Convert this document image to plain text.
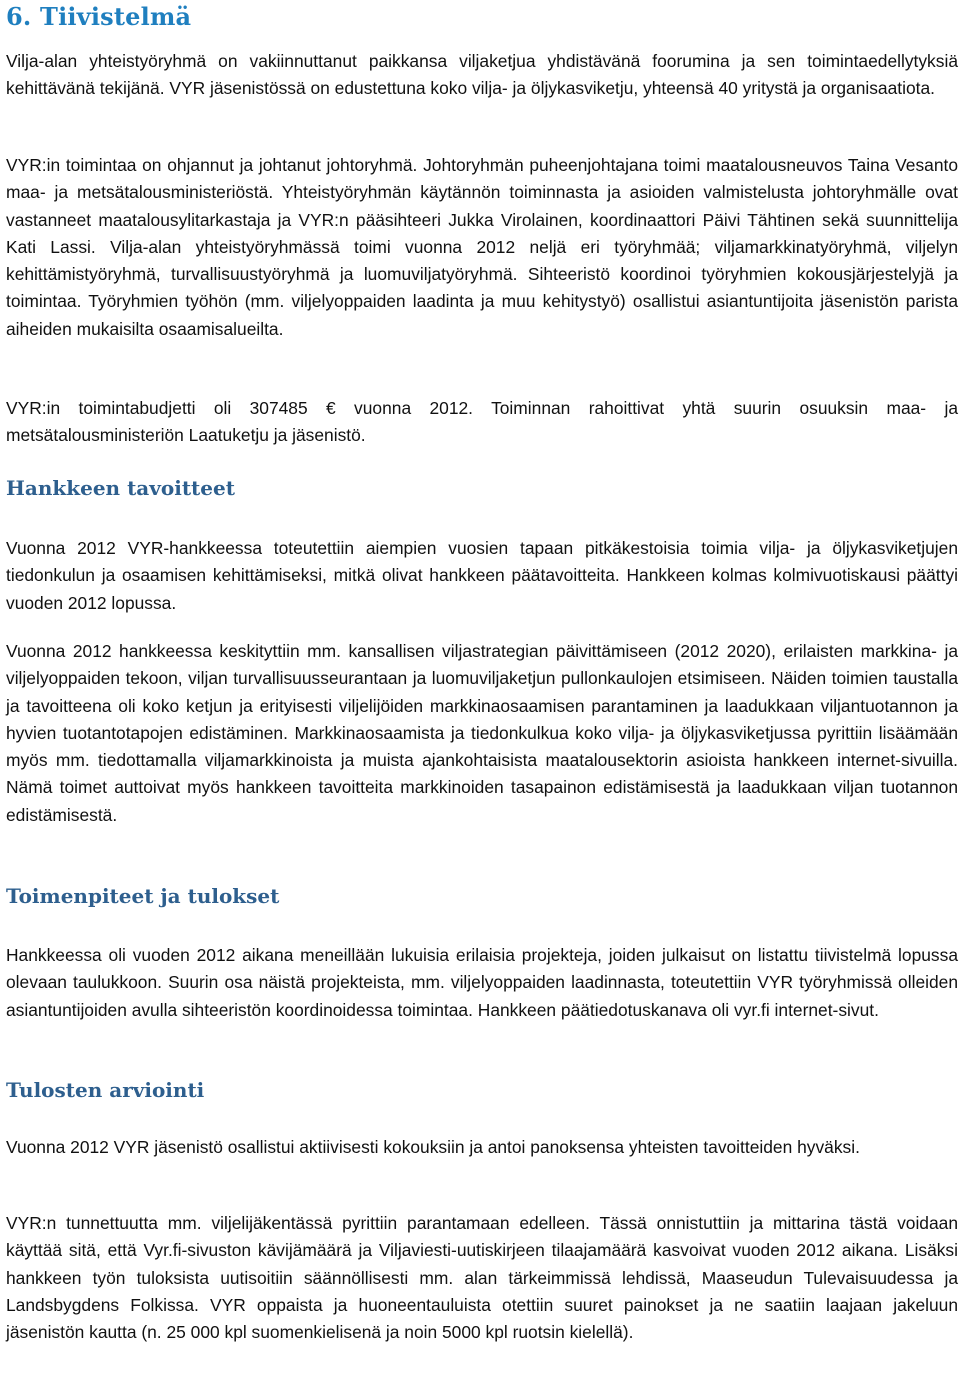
6. Tiivistelmä

Vilja-alan yhteistyöryhmä on vakiinnuttanut paikkansa viljaketjua yhdistävänä foorumina ja sen toimintaedellytyksiä kehittävänä tekijänä. VYR jäsenistössä on edustettuna koko vilja- ja öljykasviketju, yhteensä 40 yritystä ja organisaatiota.

VYR:in toimintaa on ohjannut ja johtanut johtoryhmä. Johtoryhmän puheenjohtajana toimi maatalousneuvos Taina Vesanto maa- ja metsätalousministeriöstä. Yhteistyöryhmän käytännön toiminnasta ja asioiden valmistelusta johtoryhmälle ovat vastanneet maatalousylitarkastaja ja VYR:n pääsihteeri Jukka Virolainen, koordinaattori Päivi Tähtinen sekä suunnittelija Kati Lassi. Vilja-alan yhteistyöryhmässä toimi vuonna 2012 neljä eri työryhmää; viljamarkkinatyöryhmä, viljelyn kehittämistyöryhmä, turvallisuustyöryhmä ja luomuviljatyöryhmä. Sihteeristö koordinoi työryhmien kokousjärjestelyjä ja toimintaa. Työryhmien työhön (mm. viljelyoppaiden laadinta ja muu kehitystyö) osallistui asiantuntijoita jäsenistön parista aiheiden mukaisilta osaamisalueilta.

VYR:in toimintabudjetti oli 307485 € vuonna 2012. Toiminnan rahoittivat yhtä suurin osuuksin maa- ja metsätalousministeriön Laatuketju ja jäsenistö.

Hankkeen tavoitteet

Vuonna 2012 VYR-hankkeessa toteutettiin aiempien vuosien tapaan pitkäkestoisia toimia vilja- ja öljykasviketjujen tiedonkulun ja osaamisen kehittämiseksi, mitkä olivat hankkeen päätavoitteita. Hankkeen kolmas kolmivuotiskausi päättyi vuoden 2012 lopussa.

Vuonna 2012 hankkeessa keskityttiin mm. kansallisen viljastrategian päivittämiseen (2012 2020), erilaisten markkina- ja viljelyoppaiden tekoon, viljan turvallisuusseurantaan ja luomuviljaketjun pullonkaulojen etsimiseen. Näiden toimien taustalla ja tavoitteena oli koko ketjun ja erityisesti viljelijöiden markkinaosaamisen parantaminen ja laadukkaan viljantuotannon ja hyvien tuotantotapojen edistäminen. Markkinaosaamista ja tiedonkulkua koko vilja- ja öljykasviketjussa pyrittiin lisäämään myös mm. tiedottamalla viljamarkkinoista ja muista ajankohtaisista maatalousektorin asioista hankkeen internet-sivuilla. Nämä toimet auttoivat myös hankkeen tavoitteita markkinoiden tasapainon edistämisestä ja laadukkaan viljan tuotannon edistämisestä.

Toimenpiteet ja tulokset

Hankkeessa oli vuoden 2012 aikana meneillään lukuisia erilaisia projekteja, joiden julkaisut on listattu tiivistelmä lopussa olevaan taulukkoon. Suurin osa näistä projekteista, mm. viljelyoppaiden laadinnasta, toteutettiin VYR työryhmissä olleiden asiantuntijoiden avulla sihteeristön koordinoidessa toimintaa. Hankkeen päätiedotuskanava oli vyr.fi internet-sivut.

Tulosten arviointi

Vuonna 2012 VYR jäsenistö osallistui aktiivisesti kokouksiin ja antoi panoksensa yhteisten tavoitteiden hyväksi.

VYR:n tunnettuutta mm. viljelijäkentässä pyrittiin parantamaan edelleen. Tässä onnistuttiin ja mittarina tästä voidaan käyttää sitä, että Vyr.fi-sivuston kävijämäärä ja Viljaviesti-uutiskirjeen tilaajamäärä kasvoivat vuoden 2012 aikana. Lisäksi hankkeen työn tuloksista uutisoitiin säännöllisesti mm. alan tärkeimmissä lehdissä, Maaseudun Tulevaisuudessa ja Landsbygdens Folkissa. VYR oppaista ja huoneentauluista otettiin suuret painokset ja ne saatiin laajaan jakeluun jäsenistön kautta (n. 25 000 kpl suomenkielisenä ja noin 5000 kpl ruotsin kielellä).
